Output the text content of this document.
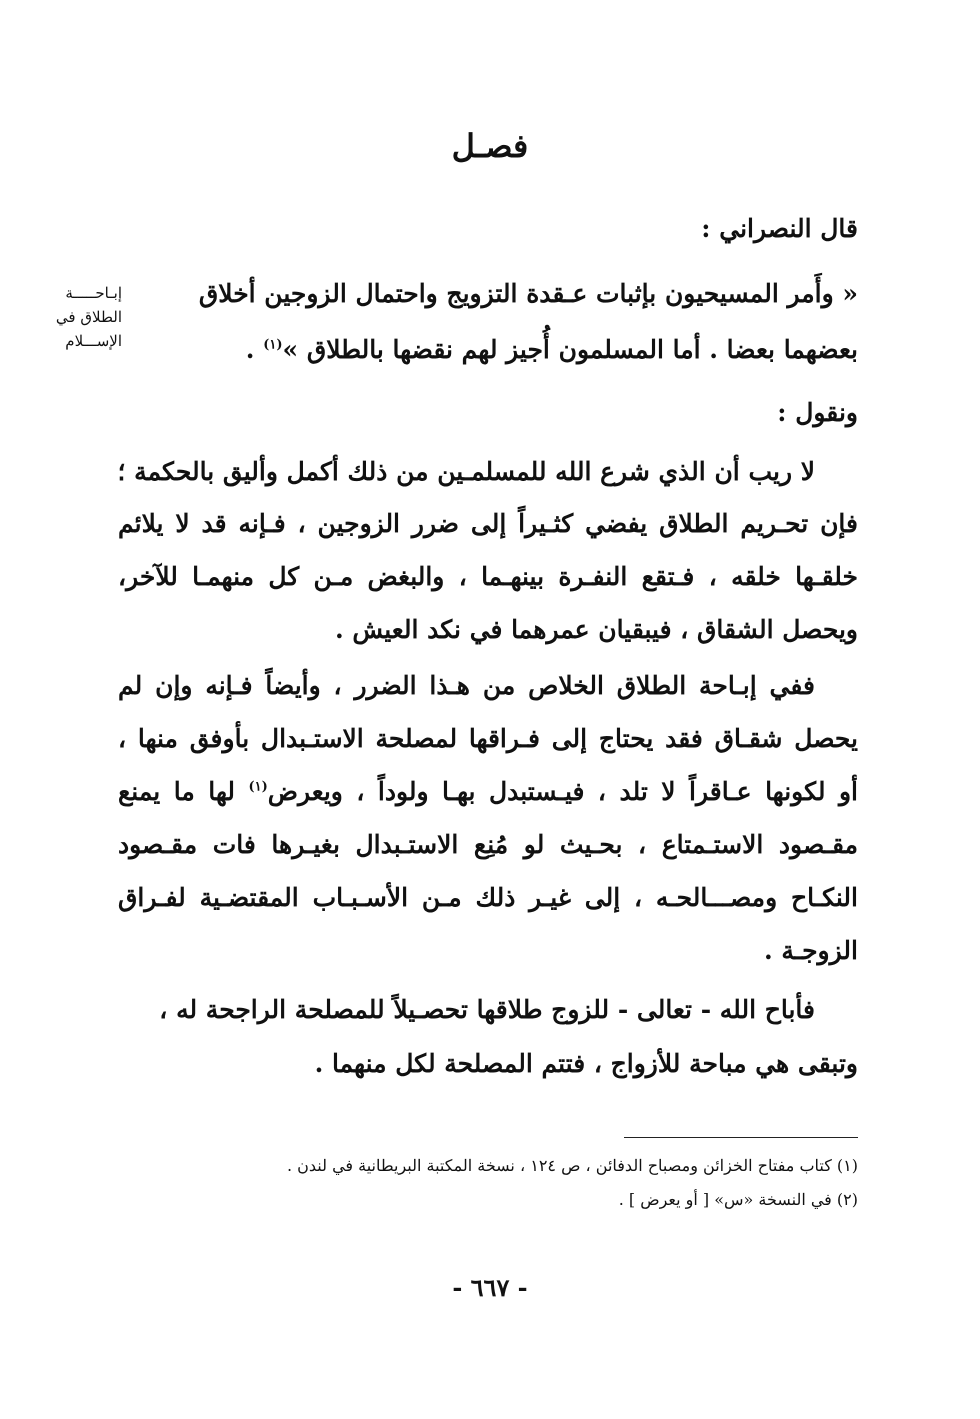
فصـل
قال النصراني :
« وأَمر المسيحيون بإثبات عـقدة التزويج واحتمال الزوجين أخلاق
بعضهما بعضا . أما المسلمون أُجيز لهم نقضها بالطلاق »$^{(١)}$ .
إبـاحـــــة
الطلاق في
الإســـلام
ونقول :
لا ريب أن الذي شرع الله للمسلمـين من ذلك أكمل وأليق بالحكمة ؛
فإن تحـريم الطلاق يفضي كثـيراً إلى ضرر الزوجين ، فـإنه قد لا يلائم
خلقـها خلقه ، فـتقع النفـرة بينهـما ، والبغض مـن كل منهمـا للآخر،
ويحصل الشقاق ، فيبقيان عمرهما في نكد العيش .
ففي إبـاحة الطلاق الخلاص من هـذا الضرر ، وأيضاً فـإنه وإن لم
يحصل شقـاق فقد يحتاج إلى فـراقها لمصلحة الاستـبدال بأوفق منها ،
أو لكونها عـاقراً لا تلد ، فيـستبدل بهـا ولوداً ، ويعرض$^{(١)}$ لها ما يمنع
مقـصود الاستـمتاع ، بحـيث لو مُنِع الاستـبدال بغيـرها فات مقـصود
النكـاح ومصـــالحـه ، إلى غيـر ذلك مـن الأسـبـاب المقتضـية لفـراق
الزوجـة .
فأباح الله - تعالى - للزوج طلاقها تحصـيلاً للمصلحة الراجحة له ،
وتبقى هي مباحة للأزواج ، فتتم المصلحة لكل منهما .
(١) كتاب مفتاح الخزائن ومصباح الدفائن ، ص ١٢٤ ، نسخة المكتبة البريطانية في لندن .
(٢) في النسخة «س» [ أو يعرض ] .
- ٦٦٧ -
